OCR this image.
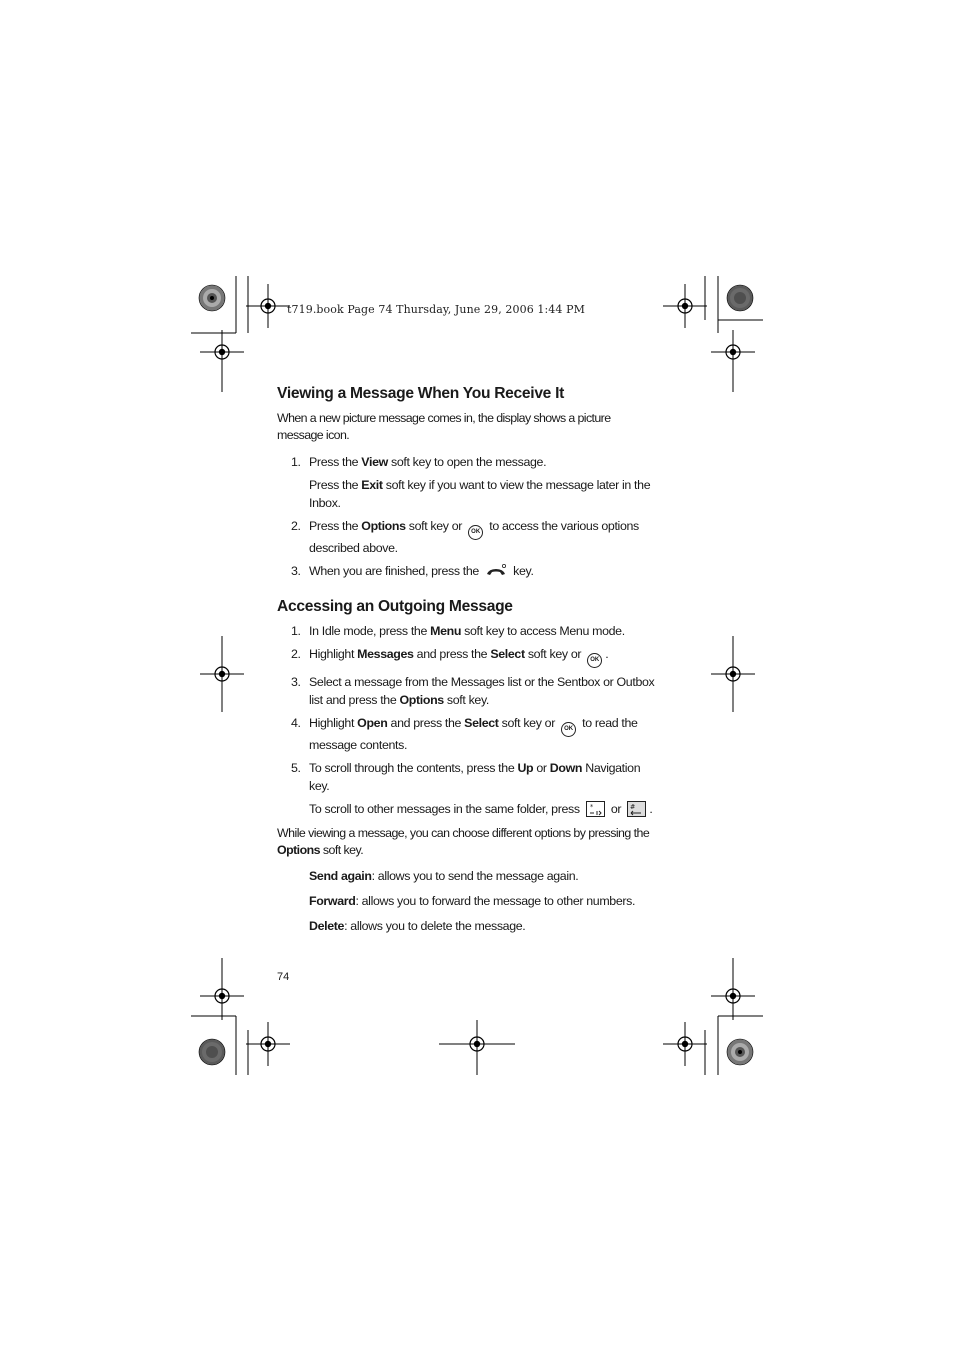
t719.book Page 74 Thursday, June 29, 2006 1:44 PM
Viewing a Message When You Receive It

When a new picture message comes in, the display shows a picture message icon.

1. Press the View soft key to open the message.

Press the Exit soft key if you want to view the message later in the Inbox.

2. Press the Options soft key or OK to access the various options described above.
3. When you are finished, press the  key.
Accessing an Outgoing Message
1. In Idle mode, press the Menu soft key to access Menu mode.
2. Highlight Messages and press the Select soft key or OK .
3. Select a message from the Messages list or the Sentbox or Outbox list and press the Options soft key.
4. Highlight Open and press the Select soft key or OK to read the message contents.
5. To scroll through the contents, press the Up or Down Navigation key.

To scroll to other messages in the same folder, press * or # .

While viewing a message, you can choose different options by pressing the Options soft key.

Send again: allows you to send the message again.

Forward: allows you to forward the message to other numbers.

Delete: allows you to delete the message.

74
